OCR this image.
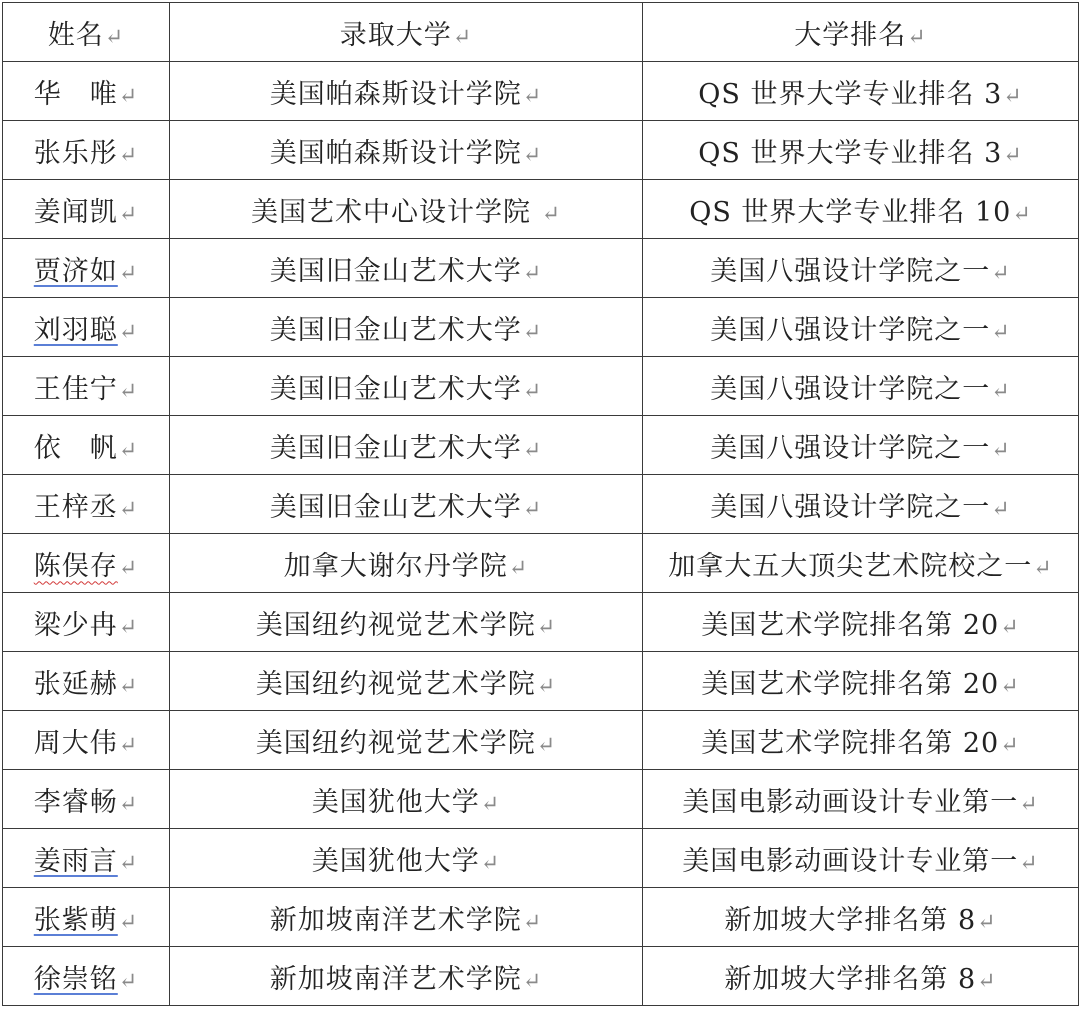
姓名↵	录取大学↵	大学排名↵
华　唯↵	美国帕森斯设计学院↵	QS 世界大学专业排名 3↵
张乐彤↵	美国帕森斯设计学院↵	QS 世界大学专业排名 3↵
姜闻凯↵	美国艺术中心设计学院 ↵	QS 世界大学专业排名 10↵
贾济如↵	美国旧金山艺术大学↵	美国八强设计学院之一↵
刘羽聪↵	美国旧金山艺术大学↵	美国八强设计学院之一↵
王佳宁↵	美国旧金山艺术大学↵	美国八强设计学院之一↵
依　帆↵	美国旧金山艺术大学↵	美国八强设计学院之一↵
王梓丞↵	美国旧金山艺术大学↵	美国八强设计学院之一↵
陈俣存↵	加拿大谢尔丹学院↵	加拿大五大顶尖艺术院校之一↵
梁少冉↵	美国纽约视觉艺术学院↵	美国艺术学院排名第 20↵
张延赫↵	美国纽约视觉艺术学院↵	美国艺术学院排名第 20↵
周大伟↵	美国纽约视觉艺术学院↵	美国艺术学院排名第 20↵
李睿畅↵	美国犹他大学↵	美国电影动画设计专业第一↵
姜雨言↵	美国犹他大学↵	美国电影动画设计专业第一↵
张紫萌↵	新加坡南洋艺术学院↵	新加坡大学排名第 8↵
徐崇铭↵	新加坡南洋艺术学院↵	新加坡大学排名第 8↵
